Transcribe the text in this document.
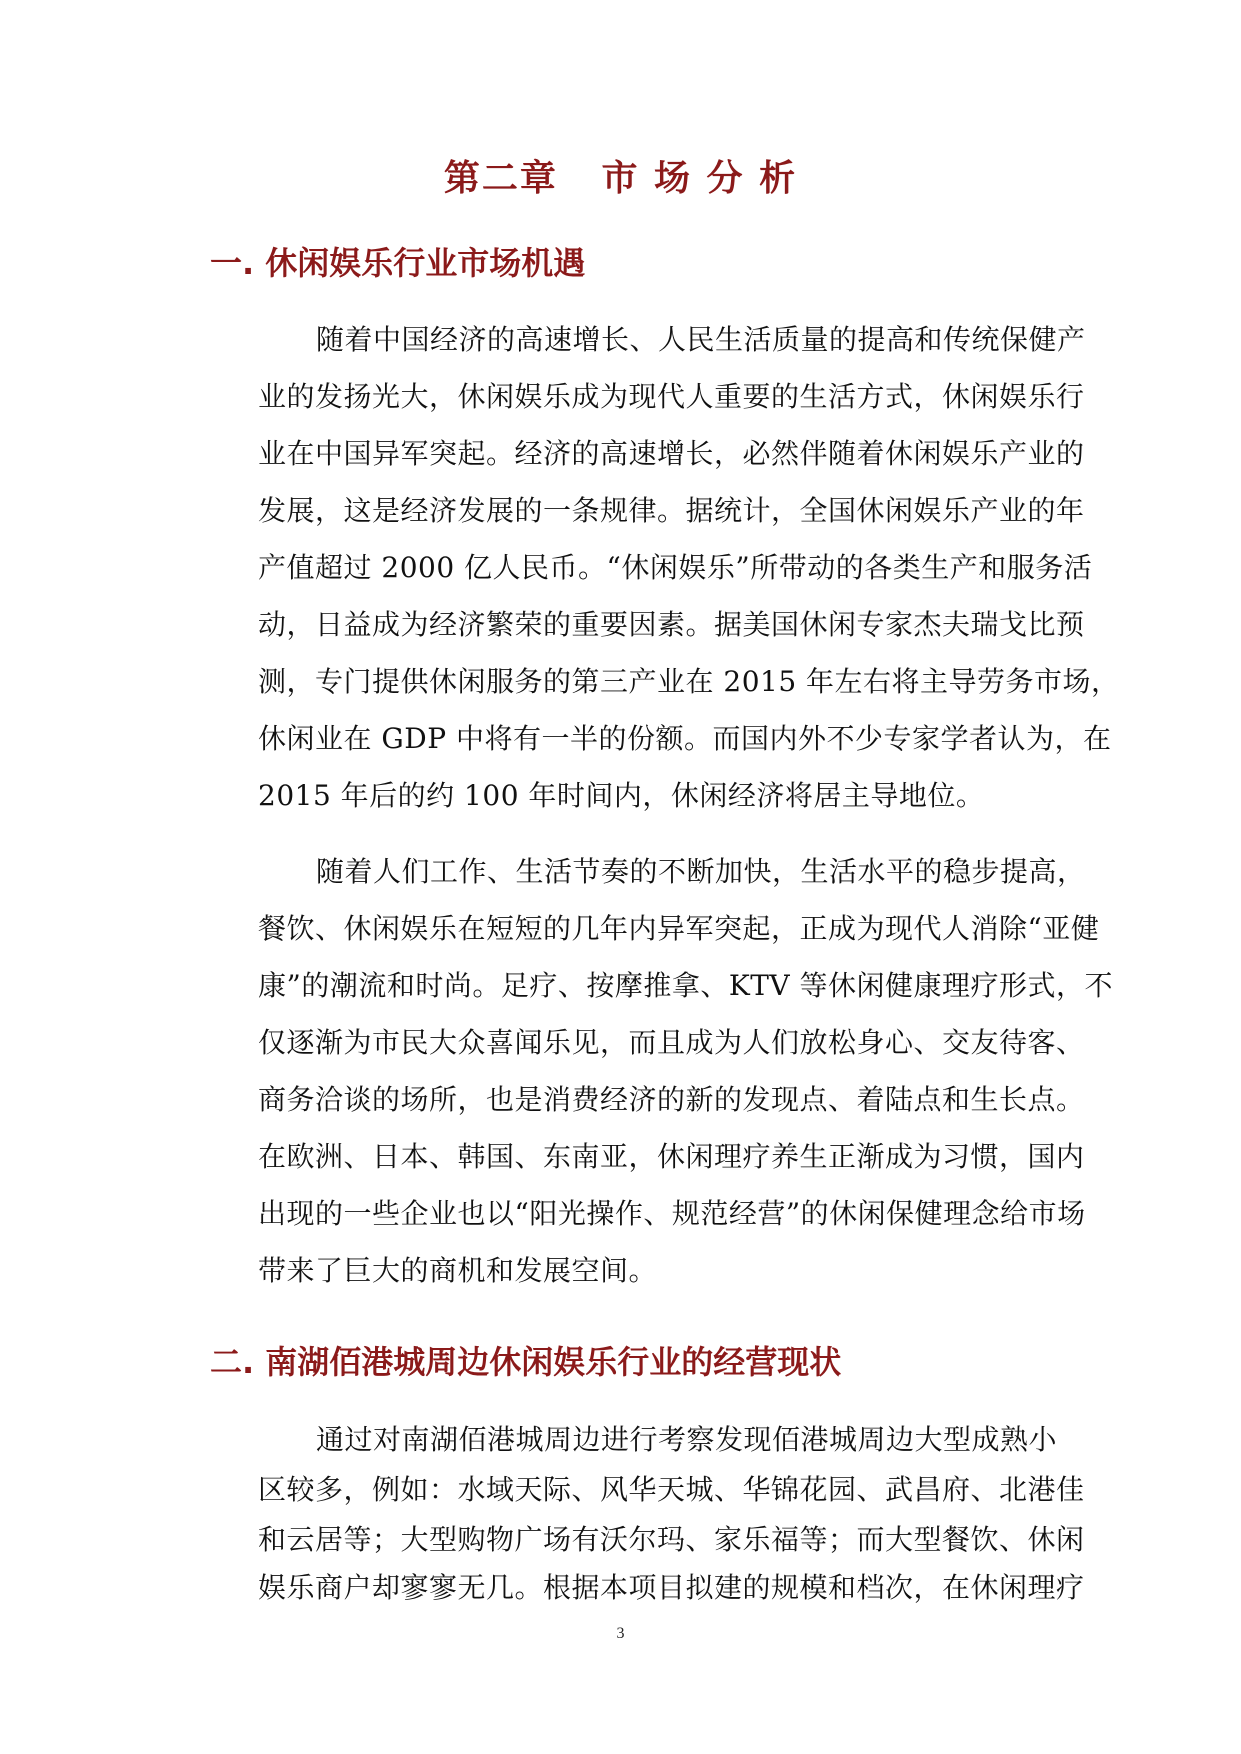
第二章   市 场 分 析
一. 休闲娱乐行业市场机遇
随着中国经济的高速增长、人民生活质量的提高和传统保健产
业的发扬光大，休闲娱乐成为现代人重要的生活方式，休闲娱乐行
业在中国异军突起。经济的高速增长，必然伴随着休闲娱乐产业的
发展，这是经济发展的一条规律。据统计，全国休闲娱乐产业的年
产值超过 2000 亿人民币。“休闲娱乐”所带动的各类生产和服务活
动，日益成为经济繁荣的重要因素。据美国休闲专家杰夫瑞戈比预
测，专门提供休闲服务的第三产业在 2015 年左右将主导劳务市场，
休闲业在 GDP 中将有一半的份额。而国内外不少专家学者认为，在
2015 年后的约 100 年时间内，休闲经济将居主导地位。
随着人们工作、生活节奏的不断加快，生活水平的稳步提高，
餐饮、休闲娱乐在短短的几年内异军突起，正成为现代人消除“亚健
康”的潮流和时尚。足疗、按摩推拿、KTV 等休闲健康理疗形式，不
仅逐渐为市民大众喜闻乐见，而且成为人们放松身心、交友待客、
商务洽谈的场所，也是消费经济的新的发现点、着陆点和生长点。
在欧洲、日本、韩国、东南亚，休闲理疗养生正渐成为习惯，国内
出现的一些企业也以“阳光操作、规范经营”的休闲保健理念给市场
带来了巨大的商机和发展空间。
二. 南湖佰港城周边休闲娱乐行业的经营现状
通过对南湖佰港城周边进行考察发现佰港城周边大型成熟小
区较多，例如：水域天际、风华天城、华锦花园、武昌府、北港佳
和云居等；大型购物广场有沃尔玛、家乐福等；而大型餐饮、休闲
3
娱乐商户却寥寥无几。根据本项目拟建的规模和档次，在休闲理疗
